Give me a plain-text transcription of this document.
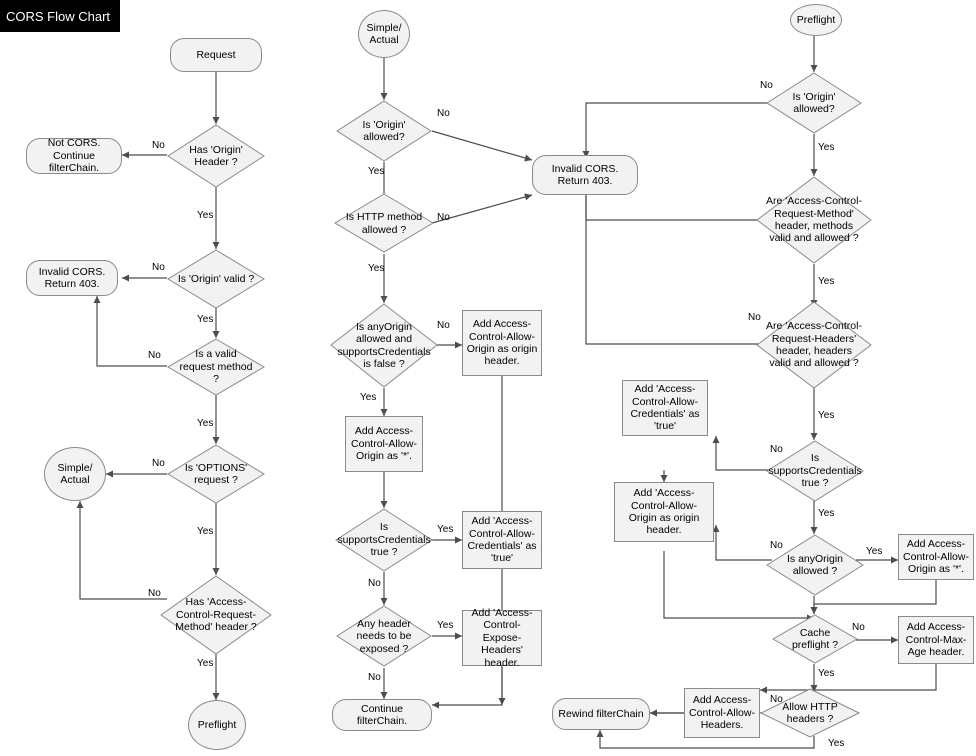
CORS Flow Chart
Request
Has 'Origin' Header ?
Not CORS. Continue filterChain.
Is 'Origin' valid ?
Invalid CORS. Return 403.
Is a valid request method ?
Is 'OPTIONS' request ?
Simple/ Actual
Has 'Access-Control-Request-Method' header ?
Preflight
Simple/ Actual
Is 'Origin' allowed?
Invalid CORS. Return 403.
Is HTTP method allowed ?
Is anyOrigin allowed and supportsCredentials is false ?
Add Access-Control-Allow-Origin as origin header.
Add Access-Control-Allow-Origin as '*'.
Is supportsCredentials true ?
Add 'Access-Control-Allow-Credentials' as 'true'
Any header needs to be exposed ?
Add 'Access-Control-Expose-Headers' header.
Continue filterChain.
Preflight
Is 'Origin' allowed?
Are 'Access-Control-Request-Method' header, methods valid and allowed ?
Are 'Access-Control-Request-Headers' header, headers valid and allowed ?
Is supportsCredentials true ?
Add 'Access-Control-Allow-Credentials' as 'true'
Add 'Access-Control-Allow-Origin as origin header.
Is anyOrigin allowed ?
Add Access-Control-Allow-Origin as '*'.
Cache preflight ?
Add Access-Control-Max-Age header.
Allow HTTP headers ?
Add Access-Control-Allow-Headers.
Rewind filterChain
No
Yes
No
Yes
No
Yes
No
Yes
No
Yes
No
Yes
No
Yes
No
Yes
Yes
No
Yes
No
No
Yes
Yes
No
Yes
No
Yes
No
Yes
No
Yes
No
Yes
